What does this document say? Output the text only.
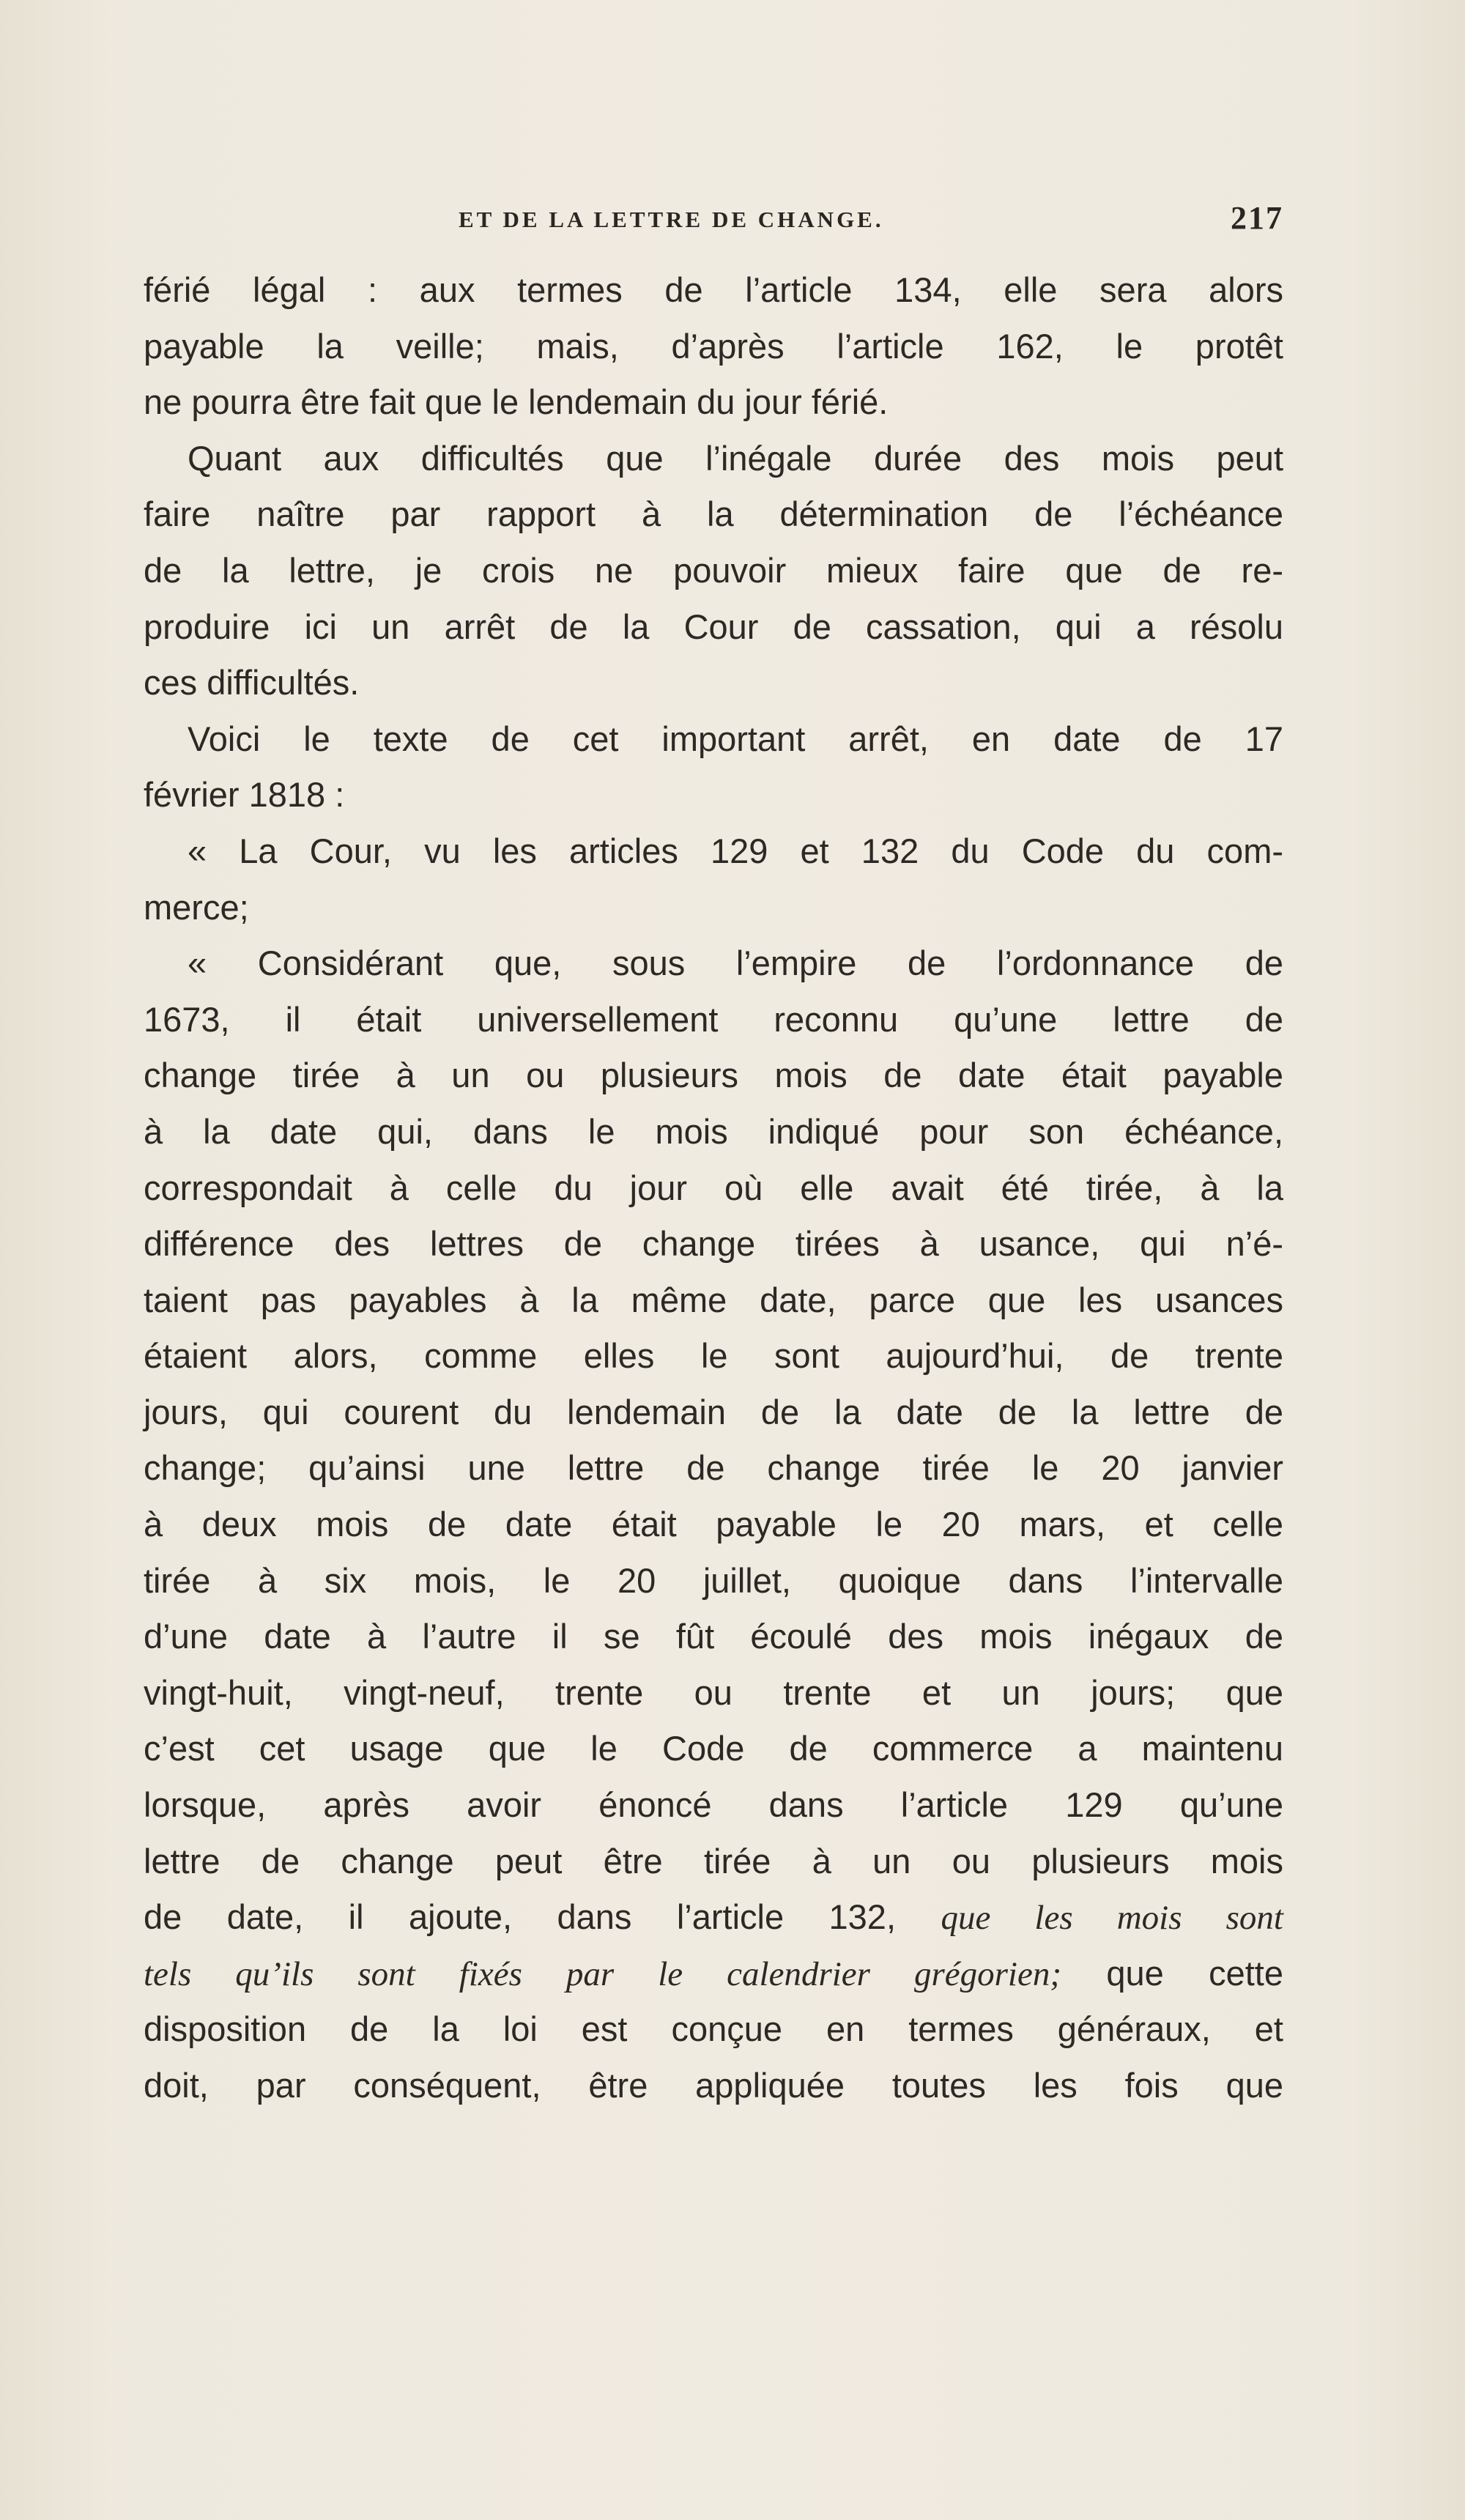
ET DE LA LETTRE DE CHANGE.	217
férié légal : aux termes de l’article 134, elle sera alors
payable la veille; mais, d’après l’article 162, le protêt
ne pourra être fait que le lendemain du jour férié.
Quant aux difficultés que l’inégale durée des mois peut
faire naître par rapport à la détermination de l’échéance
de la lettre, je crois ne pouvoir mieux faire que de re-
produire ici un arrêt de la Cour de cassation, qui a résolu
ces difficultés.
Voici le texte de cet important arrêt, en date de 17
février 1818 :
« La Cour, vu les articles 129 et 132 du Code du com-
merce;
« Considérant que, sous l’empire de l’ordonnance de
1673, il était universellement reconnu qu’une lettre de
change tirée à un ou plusieurs mois de date était payable
à la date qui, dans le mois indiqué pour son échéance,
correspondait à celle du jour où elle avait été tirée, à la
différence des lettres de change tirées à usance, qui n’é-
taient pas payables à la même date, parce que les usances
étaient alors, comme elles le sont aujourd’hui, de trente
jours, qui courent du lendemain de la date de la lettre de
change; qu’ainsi une lettre de change tirée le 20 janvier
à deux mois de date était payable le 20 mars, et celle
tirée à six mois, le 20 juillet, quoique dans l’intervalle
d’une date à l’autre il se fût écoulé des mois inégaux de
vingt-huit, vingt-neuf, trente ou trente et un jours; que
c’est cet usage que le Code de commerce a maintenu
lorsque, après avoir énoncé dans l’article 129 qu’une
lettre de change peut être tirée à un ou plusieurs mois
de date, il ajoute, dans l’article 132, que les mois sont
tels qu’ils sont fixés par le calendrier grégorien; que cette
disposition de la loi est conçue en termes généraux, et
doit, par conséquent, être appliquée toutes les fois que
